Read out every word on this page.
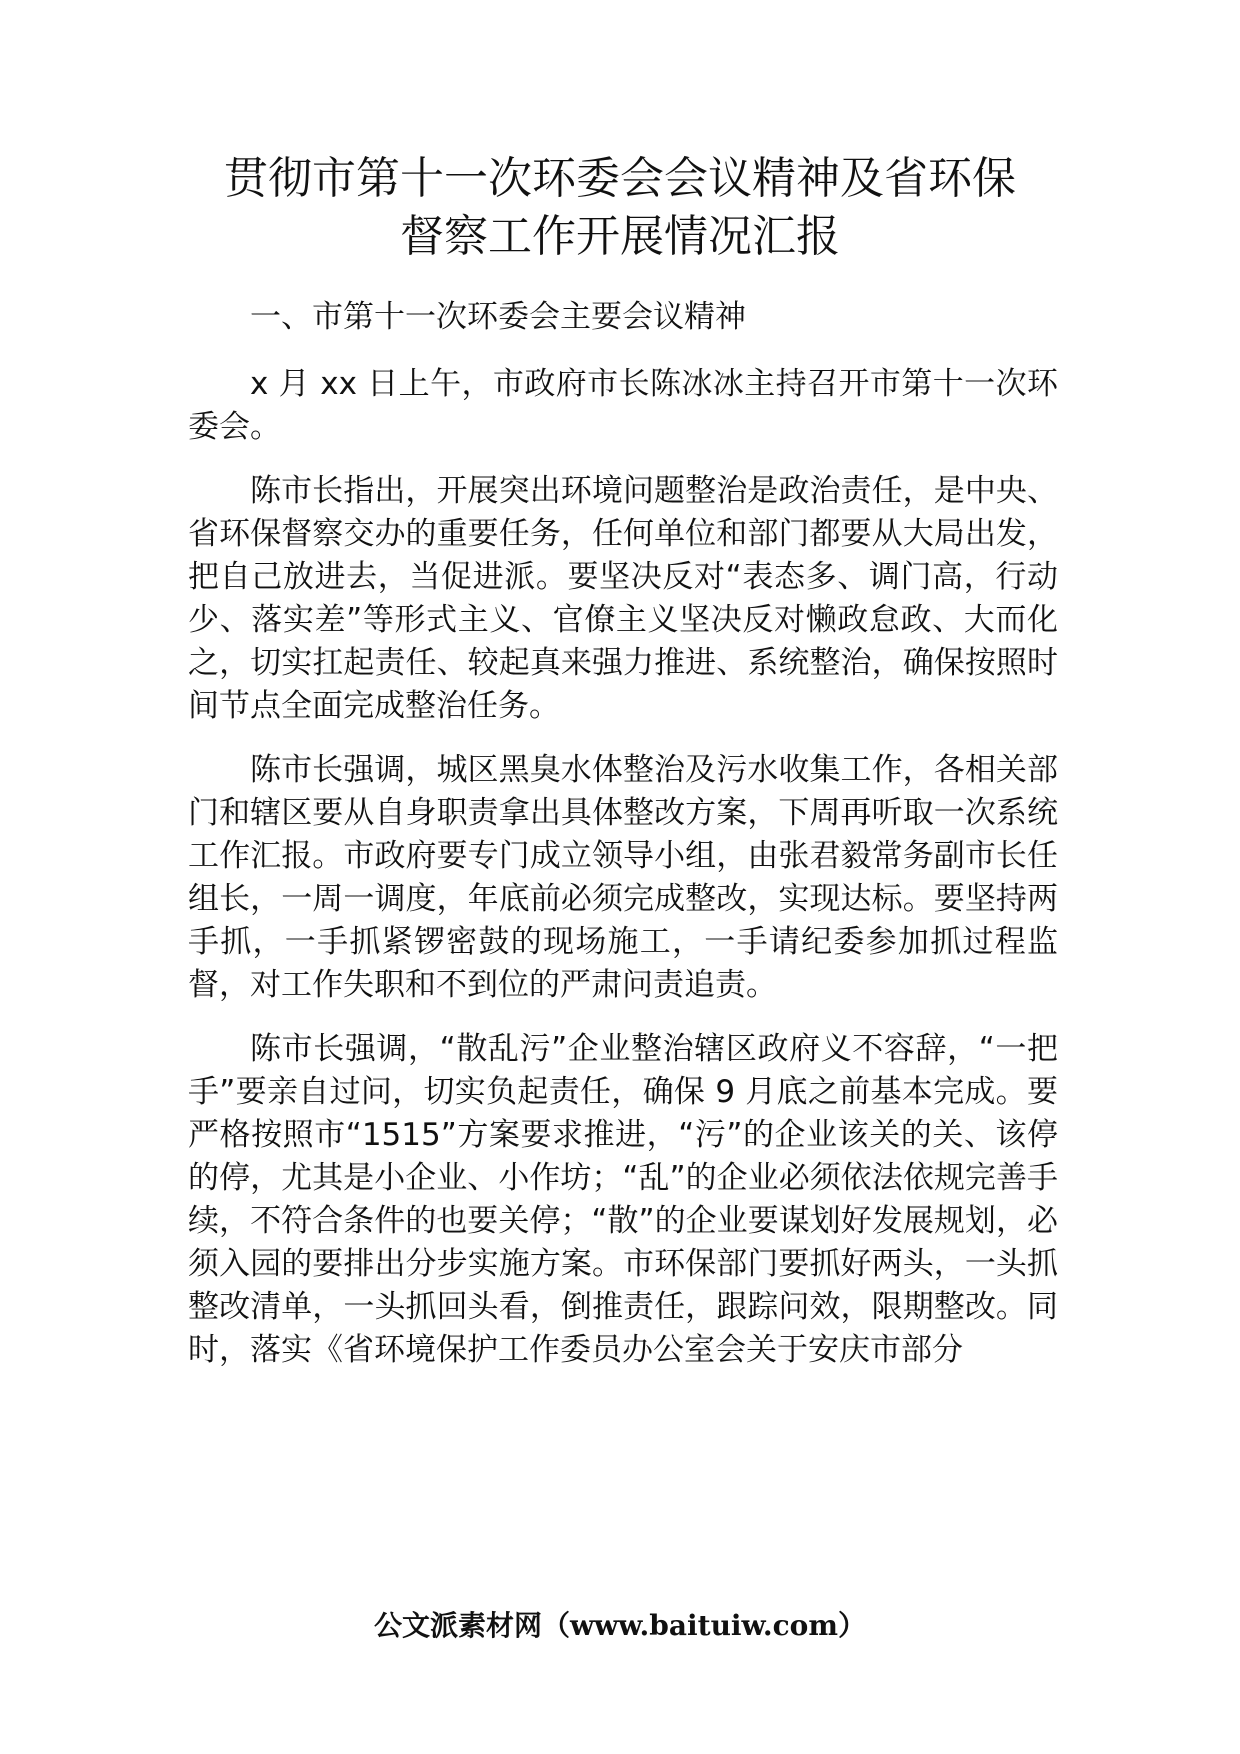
贯彻市第十一次环委会会议精神及省环保
督察工作开展情况汇报

一、市第十一次环委会主要会议精神

x 月 xx 日上午，市政府市长陈冰冰主持召开市第十一次环委会。

陈市长指出，开展突出环境问题整治是政治责任，是中央、省环保督察交办的重要任务，任何单位和部门都要从大局出发，把自己放进去，当促进派。要坚决反对“表态多、调门高，行动少、落实差”等形式主义、官僚主义坚决反对懒政怠政、大而化之，切实扛起责任、较起真来强力推进、系统整治，确保按照时间节点全面完成整治任务。

陈市长强调，城区黑臭水体整治及污水收集工作，各相关部门和辖区要从自身职责拿出具体整改方案，下周再听取一次系统工作汇报。市政府要专门成立领导小组，由张君毅常务副市长任组长，一周一调度，年底前必须完成整改，实现达标。要坚持两手抓，一手抓紧锣密鼓的现场施工，一手请纪委参加抓过程监督，对工作失职和不到位的严肃问责追责。

陈市长强调，“散乱污”企业整治辖区政府义不容辞，“一把手”要亲自过问，切实负起责任，确保 9 月底之前基本完成。要严格按照市“1515”方案要求推进，“污”的企业该关的关、该停的停，尤其是小企业、小作坊；“乱”的企业必须依法依规完善手续，不符合条件的也要关停；“散”的企业要谋划好发展规划，必须入园的要排出分步实施方案。市环保部门要抓好两头，一头抓整改清单，一头抓回头看，倒推责任，跟踪问效，限期整改。同时，落实《省环境保护工作委员办公室会关于安庆市部分

公文派素材网（www.baituiw.com）
